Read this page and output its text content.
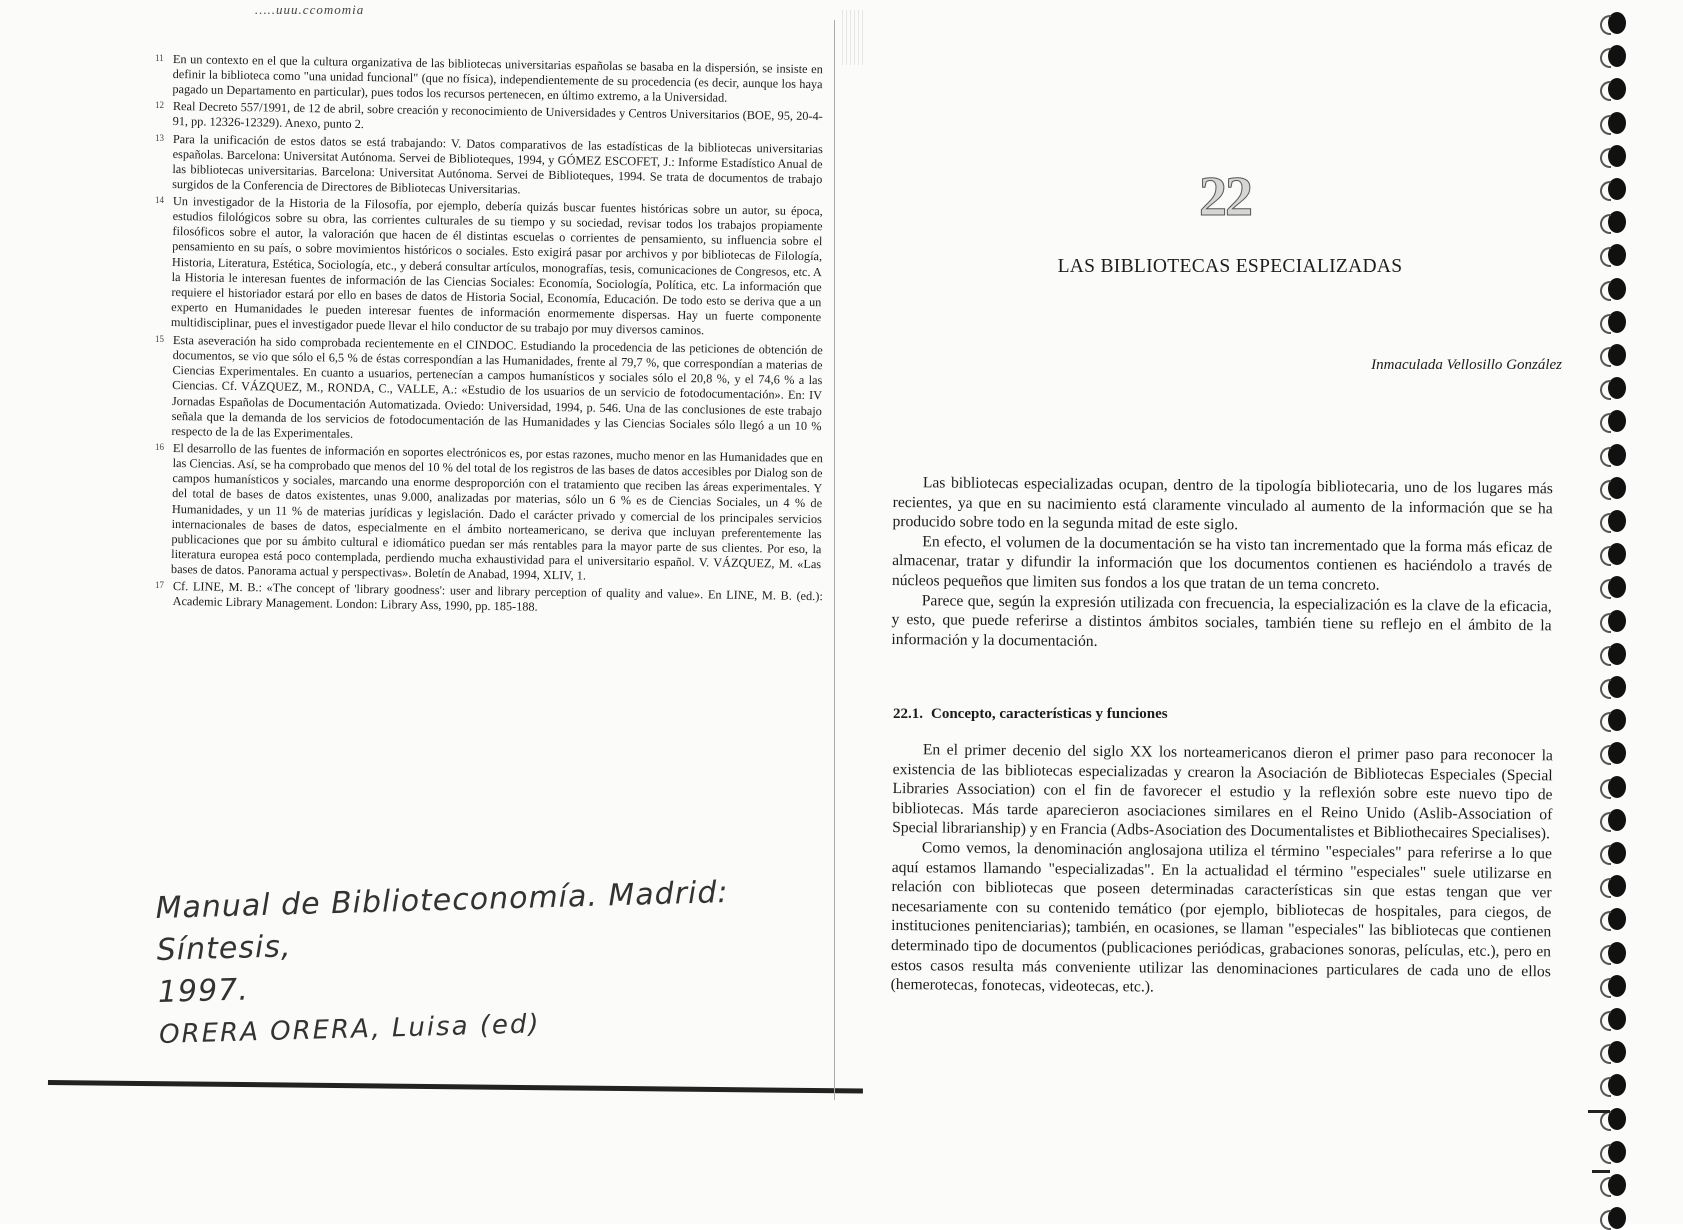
…..uuu.ccomomia
11 En un contexto en el que la cultura organizativa de las bibliotecas universitarias españolas se basaba en la dispersión, se insiste en definir la biblioteca como "una unidad funcional" (que no física), independientemente de su procedencia (es decir, aunque los haya pagado un Departamento en particular), pues todos los recursos pertenecen, en último extremo, a la Universidad.
12 Real Decreto 557/1991, de 12 de abril, sobre creación y reconocimiento de Universidades y Centros Universitarios (BOE, 95, 20-4-91, pp. 12326-12329). Anexo, punto 2.
13 Para la unificación de estos datos se está trabajando: V. Datos comparativos de las estadísticas de la bibliotecas universitarias españolas. Barcelona: Universitat Autónoma. Servei de Biblioteques, 1994, y GÓMEZ ESCOFET, J.: Informe Estadístico Anual de las bibliotecas universitarias. Barcelona: Universitat Autónoma. Servei de Biblioteques, 1994. Se trata de documentos de trabajo surgidos de la Conferencia de Directores de Bibliotecas Universitarias.
14 Un investigador de la Historia de la Filosofía, por ejemplo, debería quizás buscar fuentes históricas sobre un autor, su época, estudios filológicos sobre su obra, las corrientes culturales de su tiempo y su sociedad, revisar todos los trabajos propiamente filosóficos sobre el autor, la valoración que hacen de él distintas escuelas o corrientes de pensamiento, su influencia sobre el pensamiento en su país, o sobre movimientos históricos o sociales. Esto exigirá pasar por archivos y por bibliotecas de Filología, Historia, Literatura, Estética, Sociología, etc., y deberá consultar artículos, monografías, tesis, comunicaciones de Congresos, etc. A la Historia le interesan fuentes de información de las Ciencias Sociales: Economía, Sociología, Política, etc. La información que requiere el historiador estará por ello en bases de datos de Historia Social, Economía, Educación. De todo esto se deriva que a un experto en Humanidades le pueden interesar fuentes de información enormemente dispersas. Hay un fuerte componente multidisciplinar, pues el investigador puede llevar el hilo conductor de su trabajo por muy diversos caminos.
15 Esta aseveración ha sido comprobada recientemente en el CINDOC. Estudiando la procedencia de las peticiones de obtención de documentos, se vio que sólo el 6,5 % de éstas correspondían a las Humanidades, frente al 79,7 %, que correspondían a materias de Ciencias Experimentales. En cuanto a usuarios, pertenecían a campos humanísticos y sociales sólo el 20,8 %, y el 74,6 % a las Ciencias. Cf. VÁZQUEZ, M., RONDA, C., VALLE, A.: «Estudio de los usuarios de un servicio de fotodocumentación». En: IV Jornadas Españolas de Documentación Automatizada. Oviedo: Universidad, 1994, p. 546. Una de las conclusiones de este trabajo señala que la demanda de los servicios de fotodocumentación de las Humanidades y las Ciencias Sociales sólo llegó a un 10 % respecto de la de las Experimentales.
16 El desarrollo de las fuentes de información en soportes electrónicos es, por estas razones, mucho menor en las Humanidades que en las Ciencias. Así, se ha comprobado que menos del 10 % del total de los registros de las bases de datos accesibles por Dialog son de campos humanísticos y sociales, marcando una enorme desproporción con el tratamiento que reciben las áreas experimentales. Y del total de bases de datos existentes, unas 9.000, analizadas por materias, sólo un 6 % es de Ciencias Sociales, un 4 % de Humanidades, y un 11 % de materias jurídicas y legislación. Dado el carácter privado y comercial de los principales servicios internacionales de bases de datos, especialmente en el ámbito norteamericano, se deriva que incluyan preferentemente las publicaciones que por su ámbito cultural e idiomático puedan ser más rentables para la mayor parte de sus clientes. Por eso, la literatura europea está poco contemplada, perdiendo mucha exhaustividad para el universitario español. V. VÁZQUEZ, M. «Las bases de datos. Panorama actual y perspectivas». Boletín de Anabad, 1994, XLIV, 1.
17 Cf. LINE, M. B.: «The concept of 'library goodness': user and library perception of quality and value». En LINE, M. B. (ed.): Academic Library Management. London: Library Ass, 1990, pp. 185-188.
Manual de Biblioteconomía. Madrid: Síntesis,
1997.
ORERA ORERA, Luisa (ed)
22
LAS BIBLIOTECAS ESPECIALIZADAS
Inmaculada Vellosillo González

Las bibliotecas especializadas ocupan, dentro de la tipología bibliotecaria, uno de los lugares más recientes, ya que en su nacimiento está claramente vinculado al aumento de la información que se ha producido sobre todo en la segunda mitad de este siglo.

En efecto, el volumen de la documentación se ha visto tan incrementado que la forma más eficaz de almacenar, tratar y difundir la información que los documentos contienen es haciéndolo a través de núcleos pequeños que limiten sus fondos a los que tratan de un tema concreto.

Parece que, según la expresión utilizada con frecuencia, la especialización es la clave de la eficacia, y esto, que puede referirse a distintos ámbitos sociales, también tiene su reflejo en el ámbito de la información y la documentación.

22.1. Concepto, características y funciones

En el primer decenio del siglo XX los norteamericanos dieron el primer paso para reconocer la existencia de las bibliotecas especializadas y crearon la Asociación de Bibliotecas Especiales (Special Libraries Association) con el fin de favorecer el estudio y la reflexión sobre este nuevo tipo de bibliotecas. Más tarde aparecieron asociaciones similares en el Reino Unido (Aslib-Association of Special librarianship) y en Francia (Adbs-Asociation des Documentalistes et Bibliothecaires Specialises).

Como vemos, la denominación anglosajona utiliza el término "especiales" para referirse a lo que aquí estamos llamando "especializadas". En la actualidad el término "especiales" suele utilizarse en relación con bibliotecas que poseen determinadas características sin que estas tengan que ver necesariamente con su contenido temático (por ejemplo, bibliotecas de hospitales, para ciegos, de instituciones penitenciarias); también, en ocasiones, se llaman "especiales" las bibliotecas que contienen determinado tipo de documentos (publicaciones periódicas, grabaciones sonoras, películas, etc.), pero en estos casos resulta más conveniente utilizar las denominaciones particulares de cada uno de ellos (hemerotecas, fonotecas, videotecas, etc.).
